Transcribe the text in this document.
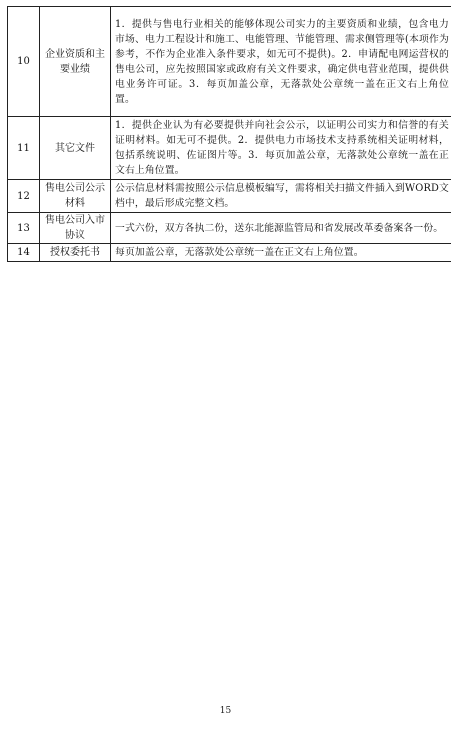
10	企业资质和主要业绩	1．提供与售电行业相关的能够体现公司实力的主要资质和业绩，包含电力市场、电力工程设计和施工、电能管理、节能管理、需求侧管理等(本项作为参考，不作为企业准入条件要求，如无可不提供)。2．申请配电网运营权的售电公司，应先按照国家或政府有关文件要求，确定供电营业范围，提供供电业务许可证。3．每页加盖公章，无落款处公章统一盖在正文右上角位置。
11	其它文件	1．提供企业认为有必要提供并向社会公示，以证明公司实力和信誉的有关证明材料。如无可不提供。2．提供电力市场技术支持系统相关证明材料，包括系统说明、佐证图片等。3．每页加盖公章，无落款处公章统一盖在正文右上角位置。
12	售电公司公示材料	公示信息材料需按照公示信息模板编写，需将相关扫描文件插入到WORD文档中，最后形成完整文档。
13	售电公司入市协议	一式六份，双方各执二份，送东北能源监管局和省发展改革委备案各一份。
14	授权委托书	每页加盖公章，无落款处公章统一盖在正文右上角位置。
15
